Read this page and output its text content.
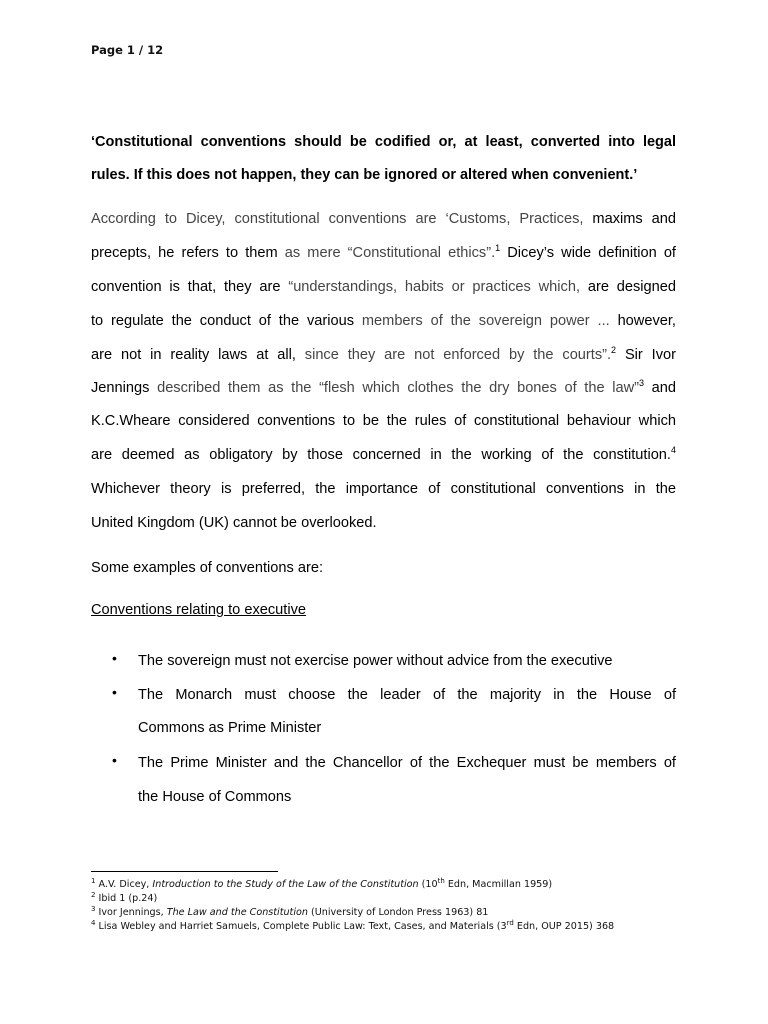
Page 1 / 12
‘Constitutional conventions should be codified or, at least, converted into legal
rules. If this does not happen, they can be ignored or altered when convenient.’
According to Dicey, constitutional conventions are ‘Customs, Practices, maxims and
precepts, he refers to them as mere “Constitutional ethics”.$^1$ Dicey’s wide definition of
convention is that, they are “understandings, habits or practices which, are designed
to regulate the conduct of the various members of the sovereign power ... however,
are not in reality laws at all, since they are not enforced by the courts”.$^2$ Sir Ivor
Jennings described them as the “flesh which clothes the dry bones of the law”$^3$ and
K.C.Wheare considered conventions to be the rules of constitutional behaviour which
are deemed as obligatory by those concerned in the working of the constitution.$^4$
Whichever theory is preferred, the importance of constitutional conventions in the
United Kingdom (UK) cannot be overlooked.
Some examples of conventions are:
Conventions relating to executive
• The sovereign must not exercise power without advice from the executive
• The Monarch must choose the leader of the majority in the House of
Commons as Prime Minister
• The Prime Minister and the Chancellor of the Exchequer must be members of
the House of Commons
$^1$ A.V. Dicey, Introduction to the Study of the Law of the Constitution (10th Edn, Macmillan 1959)
$^2$ Ibid 1 (p.24)
$^3$ Ivor Jennings, The Law and the Constitution (University of London Press 1963) 81
$^4$ Lisa Webley and Harriet Samuels, Complete Public Law: Text, Cases, and Materials (3rd Edn, OUP 2015) 368
